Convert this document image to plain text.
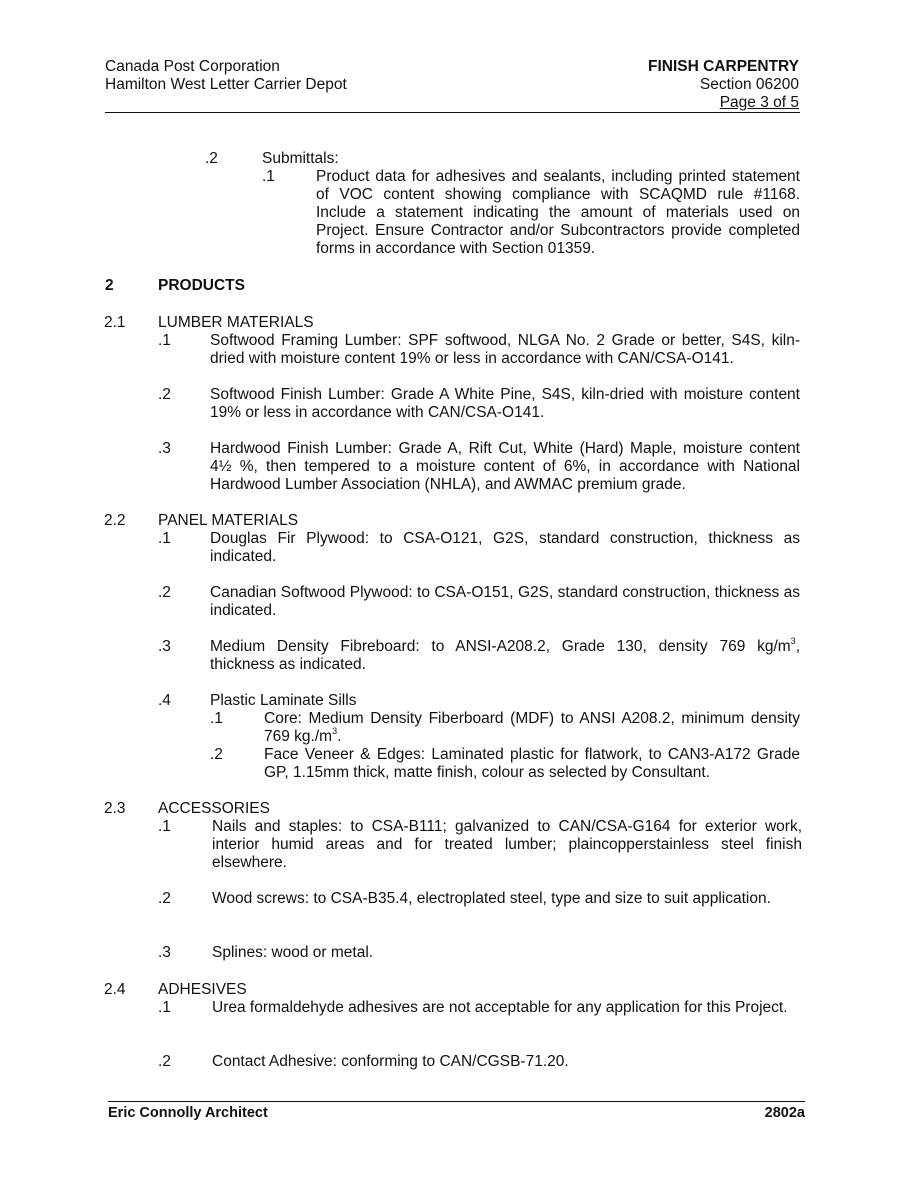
Canada Post Corporation
Hamilton West Letter Carrier Depot
FINISH CARPENTRY
Section 06200
Page 3 of 5
.2	Submittals:
.1	Product data for adhesives and sealants, including printed statement of VOC content showing compliance with SCAQMD rule #1168. Include a statement indicating the amount of materials used on Project. Ensure Contractor and/or Subcontractors provide completed forms in accordance with Section 01359.
2	PRODUCTS
2.1 LUMBER MATERIALS
.1	Softwood Framing Lumber: SPF softwood, NLGA No. 2 Grade or better, S4S, kiln-dried with moisture content 19% or less in accordance with CAN/CSA-O141.
.2	Softwood Finish Lumber: Grade A White Pine, S4S, kiln-dried with moisture content 19% or less in accordance with CAN/CSA-O141.
.3	Hardwood Finish Lumber: Grade A, Rift Cut, White (Hard) Maple, moisture content 4½ %, then tempered to a moisture content of 6%, in accordance with National Hardwood Lumber Association (NHLA), and AWMAC premium grade.
2.2 PANEL MATERIALS
.1	Douglas Fir Plywood: to CSA-O121, G2S, standard construction, thickness as indicated.
.2	Canadian Softwood Plywood: to CSA-O151, G2S, standard construction, thickness as indicated.
.3	Medium Density Fibreboard: to ANSI-A208.2, Grade 130, density 769 $kg/m^3$, thickness as indicated.
.4	Plastic Laminate Sills
.1	Core: Medium Density Fiberboard (MDF) to ANSI A208.2, minimum density 769 $kg./m^3$.
.2	Face Veneer & Edges: Laminated plastic for flatwork, to CAN3-A172 Grade GP, 1.15mm thick, matte finish, colour as selected by Consultant.
2.3 ACCESSORIES
.1	Nails and staples: to CSA-B111; galvanized to CAN/CSA-G164 for exterior work, interior humid areas and for treated lumber; plaincopperstainless steel finish elsewhere.
.2	Wood screws: to CSA-B35.4, electroplated steel, type and size to suit application.
.3	Splines: wood or metal.
2.4 ADHESIVES
.1	Urea formaldehyde adhesives are not acceptable for any application for this Project.
.2	Contact Adhesive: conforming to CAN/CGSB-71.20.
Eric Connolly Architect	2802a
